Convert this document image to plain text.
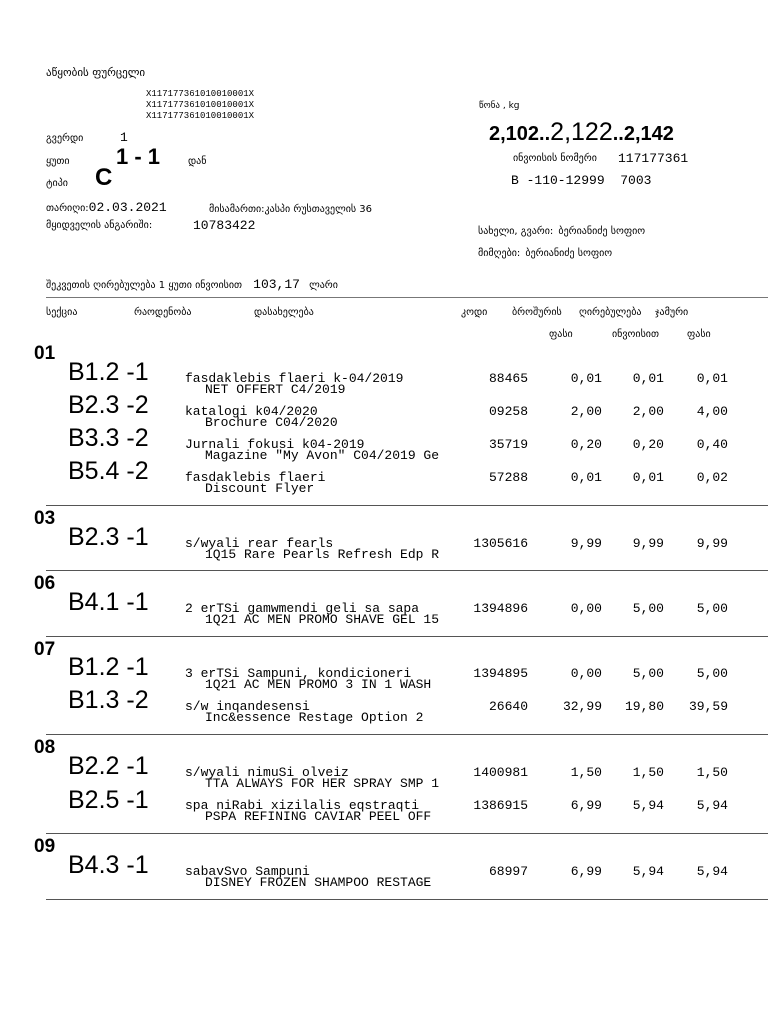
აწყობის ფურცელი
X117177361010010001X
X117177361010010001X
X117177361010010001X
გვერდი	1
ყუთი 1 - 1	დან
ტიპი C
თარიღი:02.03.2021	მისამართი:კასპი რუსთაველის 36
მყიდველის ანგარიში:	10783422
წონა , kg
2,102..2,122..2,142
ინვოისის ნომერი 117177361
B -110-12999  7003
სახელი, გვარი: ბერიანიძე სოფიო
მიმღები: ბერიანიძე სოფიო
შეკვეთის ღირებულება 1 ყუთი ინვოისით 103,17 ლარი
სექცია	რაოდენობა	დასახელება	კოდი ბროშურის ღირებულება ჯამური
ფასი	ინვოისით	ფასი
01
B1.2 -1	fasdaklebis flaeri k-04/2019
NET OFFERT C4/2019
88465	0,01 0,01	0,01
B2.3 -2	katalogi k04/2020
Brochure C04/2020
09258	2,00 2,00	4,00
B3.3 -2	Jurnali fokusi k04-2019
Magazine "My Avon" C04/2019 Ge
35719	0,20 0,20	0,40
B5.4 -2	fasdaklebis flaeri
Discount Flyer
57288	0,01 0,01	0,02
03
B2.3 -1	s/wyali rear fearls
1Q15 Rare Pearls Refresh Edp R
1305616	9,99 9,99	9,99
06
B4.1 -1	2 erTSi gamwmendi geli sa sapa
1Q21 AC MEN PROMO SHAVE GEL 15
1394896	0,00 5,00	5,00
07
B1.2 -1	3 erTSi Sampuni, kondicioneri
1Q21 AC MEN PROMO 3 IN 1 WASH
1394895	0,00 5,00	5,00
B1.3 -2	s/w inqandesensi
Inc&essence Restage Option 2
26640	32,99 19,80 39,59
08
B2.2 -1	s/wyali nimuSi olveiz
TTA ALWAYS FOR HER SPRAY SMP 1
1400981	1,50 1,50	1,50
B2.5 -1	spa niRabi xizilalis eqstraqti
PSPA REFINING CAVIAR PEEL OFF
1386915	6,99 5,94	5,94
09
B4.3 -1	sabavSvo Sampuni
DISNEY FROZEN SHAMPOO RESTAGE
68997	6,99 5,94	5,94
